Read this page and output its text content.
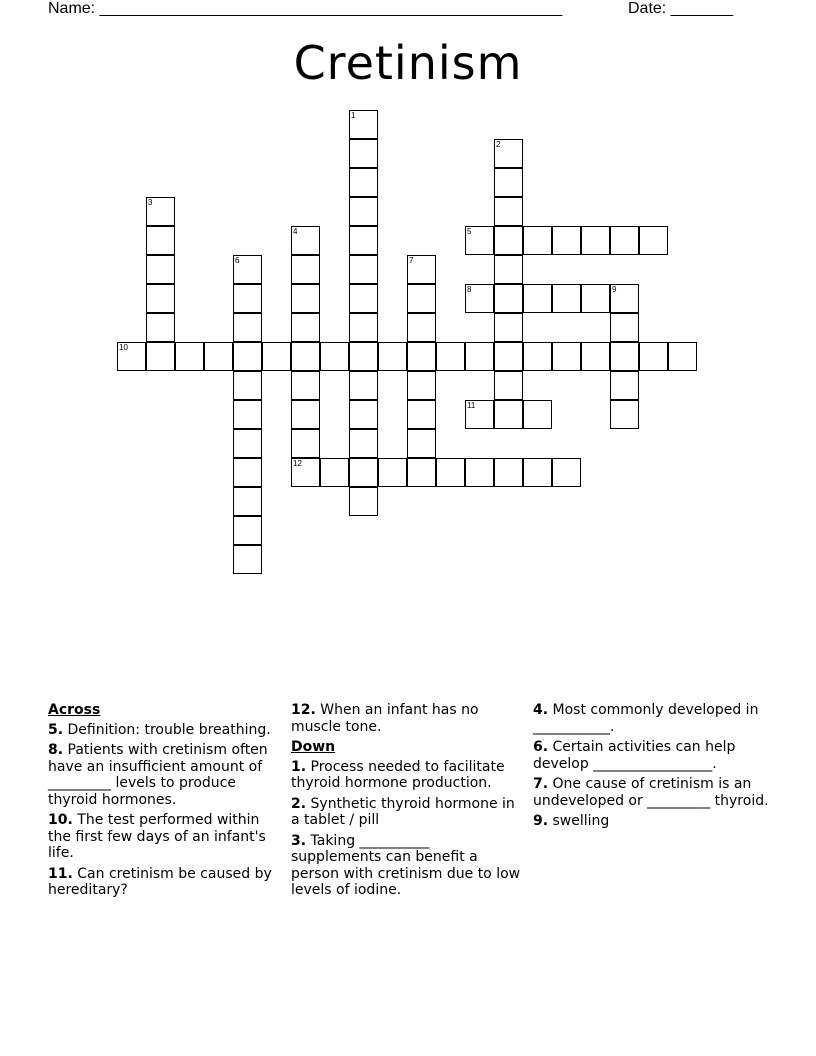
Name: ____________________________________________________	Date: _______
Cretinism
1
2
3
4	5
6	7
8	9
10
11
12
Across
5. Definition: trouble breathing.
8. Patients with cretinism often have an insufficient amount of _________ levels to produce thyroid hormones.
10. The test performed within the first few days of an infant's life.
11. Can cretinism be caused by hereditary?
12. When an infant has no muscle tone.
Down
1. Process needed to facilitate thyroid hormone production.
2. Synthetic thyroid hormone in a tablet / pill
3. Taking __________ supplements can benefit a person with cretinism due to low levels of iodine.
4. Most commonly developed in ___________.
6. Certain activities can help develop _________________.
7. One cause of cretinism is an undeveloped or _________ thyroid.
9. swelling
